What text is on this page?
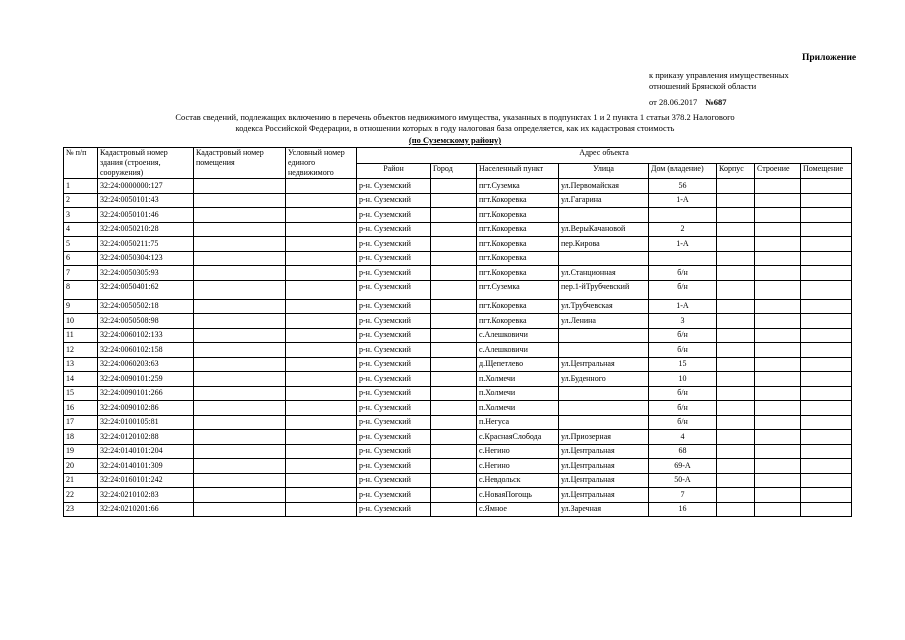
Приложение
к приказу управления имущественных
отношений Брянской области
от 28.06.2017 №687
Состав сведений, подлежащих включению в перечень объектов недвижимого имущества, указанных в подпунктах 1 и 2 пункта 1 статьи 378.2 Налогового
кодекса Российской Федерации, в отношении которых в году налоговая база определяется, как их кадастровая стоимость
(по Суземскому району)
№ п/п	Кадастровый номер здания (строения, сооружения)	Кадастровый номер помещения	Условный номер единого недвижимого	Адрес объекта							
				Район	Город	Населенный пункт	Улица	Дом (владение)	Корпус	Строение	Помещение
1	32:24:0000000:127			р-н. Суземский		пгт.Суземка	ул.Первомайская	56			
2	32:24:0050101:43			р-н. Суземский		пгт.Кокоревка	ул.Гагарина	1-А			
3	32:24:0050101:46			р-н. Суземский		пгт.Кокоревка					
4	32:24:0050210:28			р-н. Суземский		пгт.Кокоревка	ул.ВерыКачановой	2			
5	32:24:0050211:75			р-н. Суземский		пгт.Кокоревка	пер.Кирова	1-А			
6	32:24:0050304:123			р-н. Суземский		пгт.Кокоревка					
7	32:24:0050305:93			р-н. Суземский		пгт.Кокоревка	ул.Станционная	б/н			
8	32:24:0050401:62			р-н. Суземский		пгт.Суземка	пер.1-йТрубчевский	б/н			
9	32:24:0050502:18			р-н. Суземский		пгт.Кокоревка	ул.Трубчевская	1-А			
10	32:24:0050508:98			р-н. Суземский		пгт.Кокоревка	ул.Ленина	3			
11	32:24:0060102:133			р-н. Суземский		с.Алешковичи		б/н			
12	32:24:0060102:158			р-н. Суземский		с.Алешковичи		б/н			
13	32:24:0060203:63			р-н. Суземский		д.Щепетлево	ул.Центральная	15			
14	32:24:0090101:259			р-н. Суземский		п.Холмечи	ул.Буденного	10			
15	32:24:0090101:266			р-н. Суземский		п.Холмечи		б/н			
16	32:24:0090102:86			р-н. Суземский		п.Холмечи		б/н			
17	32:24:0100105:81			р-н. Суземский		п.Негуса		б/н			
18	32:24:0120102:88			р-н. Суземский		с.КраснаяСлобода	ул.Приозерная	4			
19	32:24:0140101:204			р-н. Суземский		с.Негино	ул.Центральная	68			
20	32:24:0140101:309			р-н. Суземский		с.Негино	ул.Центральная	69-А			
21	32:24:0160101:242			р-н. Суземский		с.Невдольск	ул.Центральная	50-А			
22	32:24:0210102:83			р-н. Суземский		с.НоваяПогощь	ул.Центральная	7			
23	32:24:0210201:66			р-н. Суземский		с.Ямное	ул.Заречная	16			
